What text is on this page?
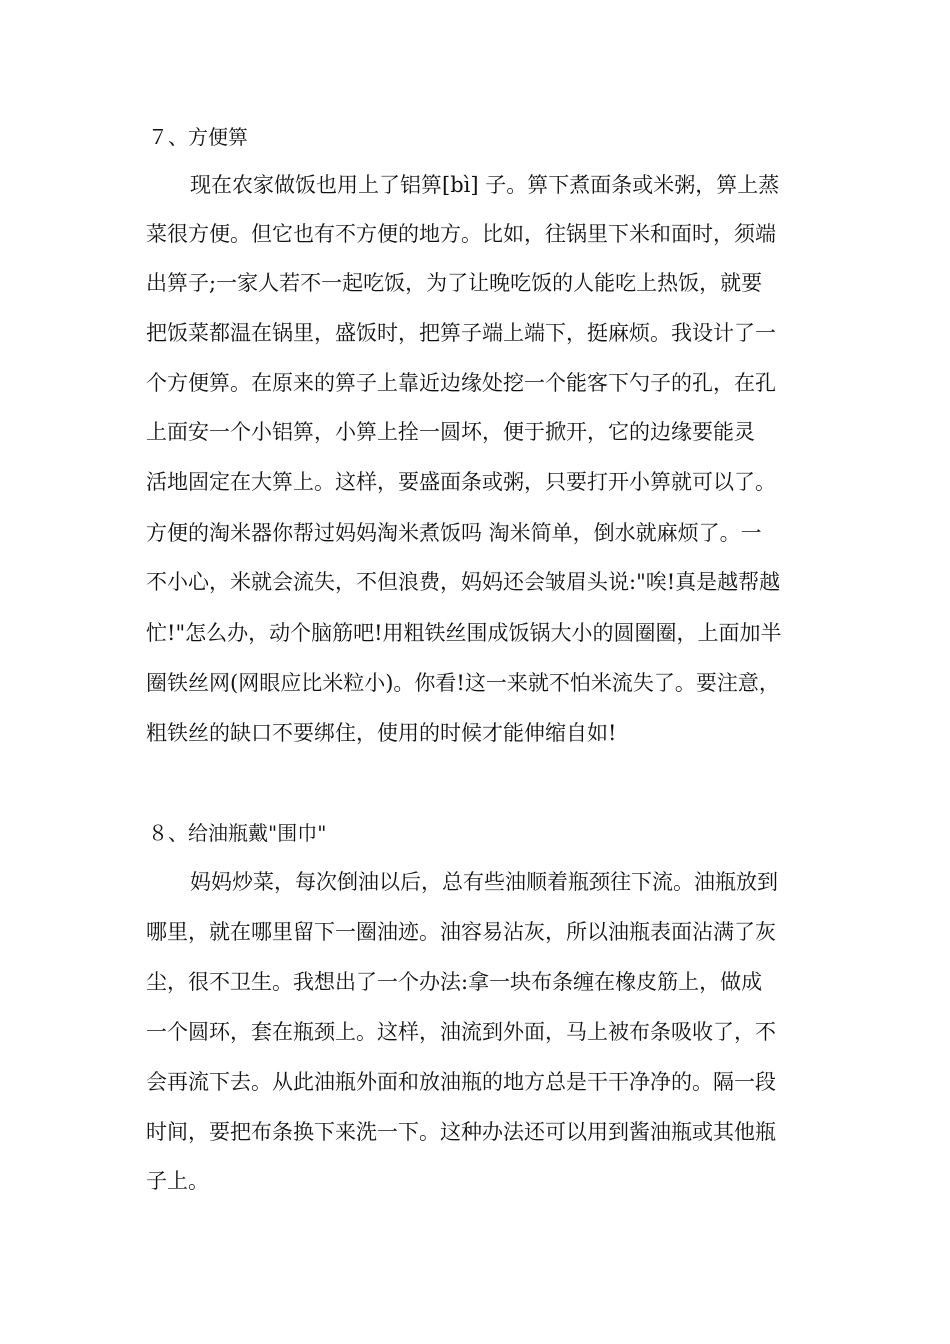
７、方便箅
现在农家做饭也用上了铝箅[bì] 子。箅下煮面条或米粥，箅上蒸
菜很方便。但它也有不方便的地方。比如，往锅里下米和面时，须端
出箅子;一家人若不一起吃饭，为了让晚吃饭的人能吃上热饭，就要
把饭菜都温在锅里，盛饭时，把箅子端上端下，挺麻烦。我设计了一
个方便箅。在原来的箅子上靠近边缘处挖一个能客下勺子的孔，在孔
上面安一个小铝箅，小箅上拴一圆坏，便于掀开，它的边缘要能灵
活地固定在大箅上。这样，要盛面条或粥，只要打开小箅就可以了。
方便的淘米器你帮过妈妈淘米煮饭吗 淘米简单，倒水就麻烦了。一
不小心，米就会流失，不但浪费，妈妈还会皱眉头说:"唉!真是越帮越
忙!"怎么办，动个脑筋吧!用粗铁丝围成饭锅大小的圆圈圈，上面加半
圈铁丝网(网眼应比米粒小)。你看!这一来就不怕米流失了。要注意，
粗铁丝的缺口不要绑住，使用的时候才能伸缩自如!
８、给油瓶戴"围巾"
妈妈炒菜，每次倒油以后，总有些油顺着瓶颈往下流。油瓶放到
哪里，就在哪里留下一圈油迹。油容易沾灰，所以油瓶表面沾满了灰
尘，很不卫生。我想出了一个办法:拿一块布条缠在橡皮筋上，做成
一个圆环，套在瓶颈上。这样，油流到外面，马上被布条吸收了，不
会再流下去。从此油瓶外面和放油瓶的地方总是干干净净的。隔一段
时间，要把布条换下来洗一下。这种办法还可以用到酱油瓶或其他瓶
子上。
